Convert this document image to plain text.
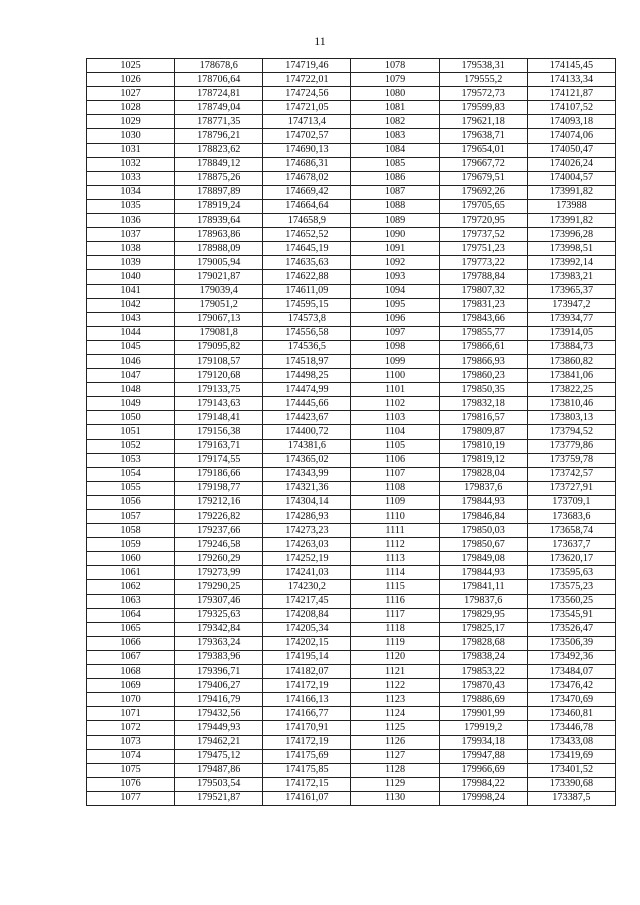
11
1025	178678,6	174719,46	1078	179538,31	174145,45
1026	178706,64	174722,01	1079	179555,2	174133,34
1027	178724,81	174724,56	1080	179572,73	174121,87
1028	178749,04	174721,05	1081	179599,83	174107,52
1029	178771,35	174713,4	1082	179621,18	174093,18
1030	178796,21	174702,57	1083	179638,71	174074,06
1031	178823,62	174690,13	1084	179654,01	174050,47
1032	178849,12	174686,31	1085	179667,72	174026,24
1033	178875,26	174678,02	1086	179679,51	174004,57
1034	178897,89	174669,42	1087	179692,26	173991,82
1035	178919,24	174664,64	1088	179705,65	173988
1036	178939,64	174658,9	1089	179720,95	173991,82
1037	178963,86	174652,52	1090	179737,52	173996,28
1038	178988,09	174645,19	1091	179751,23	173998,51
1039	179005,94	174635,63	1092	179773,22	173992,14
1040	179021,87	174622,88	1093	179788,84	173983,21
1041	179039,4	174611,09	1094	179807,32	173965,37
1042	179051,2	174595,15	1095	179831,23	173947,2
1043	179067,13	174573,8	1096	179843,66	173934,77
1044	179081,8	174556,58	1097	179855,77	173914,05
1045	179095,82	174536,5	1098	179866,61	173884,73
1046	179108,57	174518,97	1099	179866,93	173860,82
1047	179120,68	174498,25	1100	179860,23	173841,06
1048	179133,75	174474,99	1101	179850,35	173822,25
1049	179143,63	174445,66	1102	179832,18	173810,46
1050	179148,41	174423,67	1103	179816,57	173803,13
1051	179156,38	174400,72	1104	179809,87	173794,52
1052	179163,71	174381,6	1105	179810,19	173779,86
1053	179174,55	174365,02	1106	179819,12	173759,78
1054	179186,66	174343,99	1107	179828,04	173742,57
1055	179198,77	174321,36	1108	179837,6	173727,91
1056	179212,16	174304,14	1109	179844,93	173709,1
1057	179226,82	174286,93	1110	179846,84	173683,6
1058	179237,66	174273,23	1111	179850,03	173658,74
1059	179246,58	174263,03	1112	179850,67	173637,7
1060	179260,29	174252,19	1113	179849,08	173620,17
1061	179273,99	174241,03	1114	179844,93	173595,63
1062	179290,25	174230,2	1115	179841,11	173575,23
1063	179307,46	174217,45	1116	179837,6	173560,25
1064	179325,63	174208,84	1117	179829,95	173545,91
1065	179342,84	174205,34	1118	179825,17	173526,47
1066	179363,24	174202,15	1119	179828,68	173506,39
1067	179383,96	174195,14	1120	179838,24	173492,36
1068	179396,71	174182,07	1121	179853,22	173484,07
1069	179406,27	174172,19	1122	179870,43	173476,42
1070	179416,79	174166,13	1123	179886,69	173470,69
1071	179432,56	174166,77	1124	179901,99	173460,81
1072	179449,93	174170,91	1125	179919,2	173446,78
1073	179462,21	174172,19	1126	179934,18	173433,08
1074	179475,12	174175,69	1127	179947,88	173419,69
1075	179487,86	174175,85	1128	179966,69	173401,52
1076	179503,54	174172,15	1129	179984,22	173390,68
1077	179521,87	174161,07	1130	179998,24	173387,5
